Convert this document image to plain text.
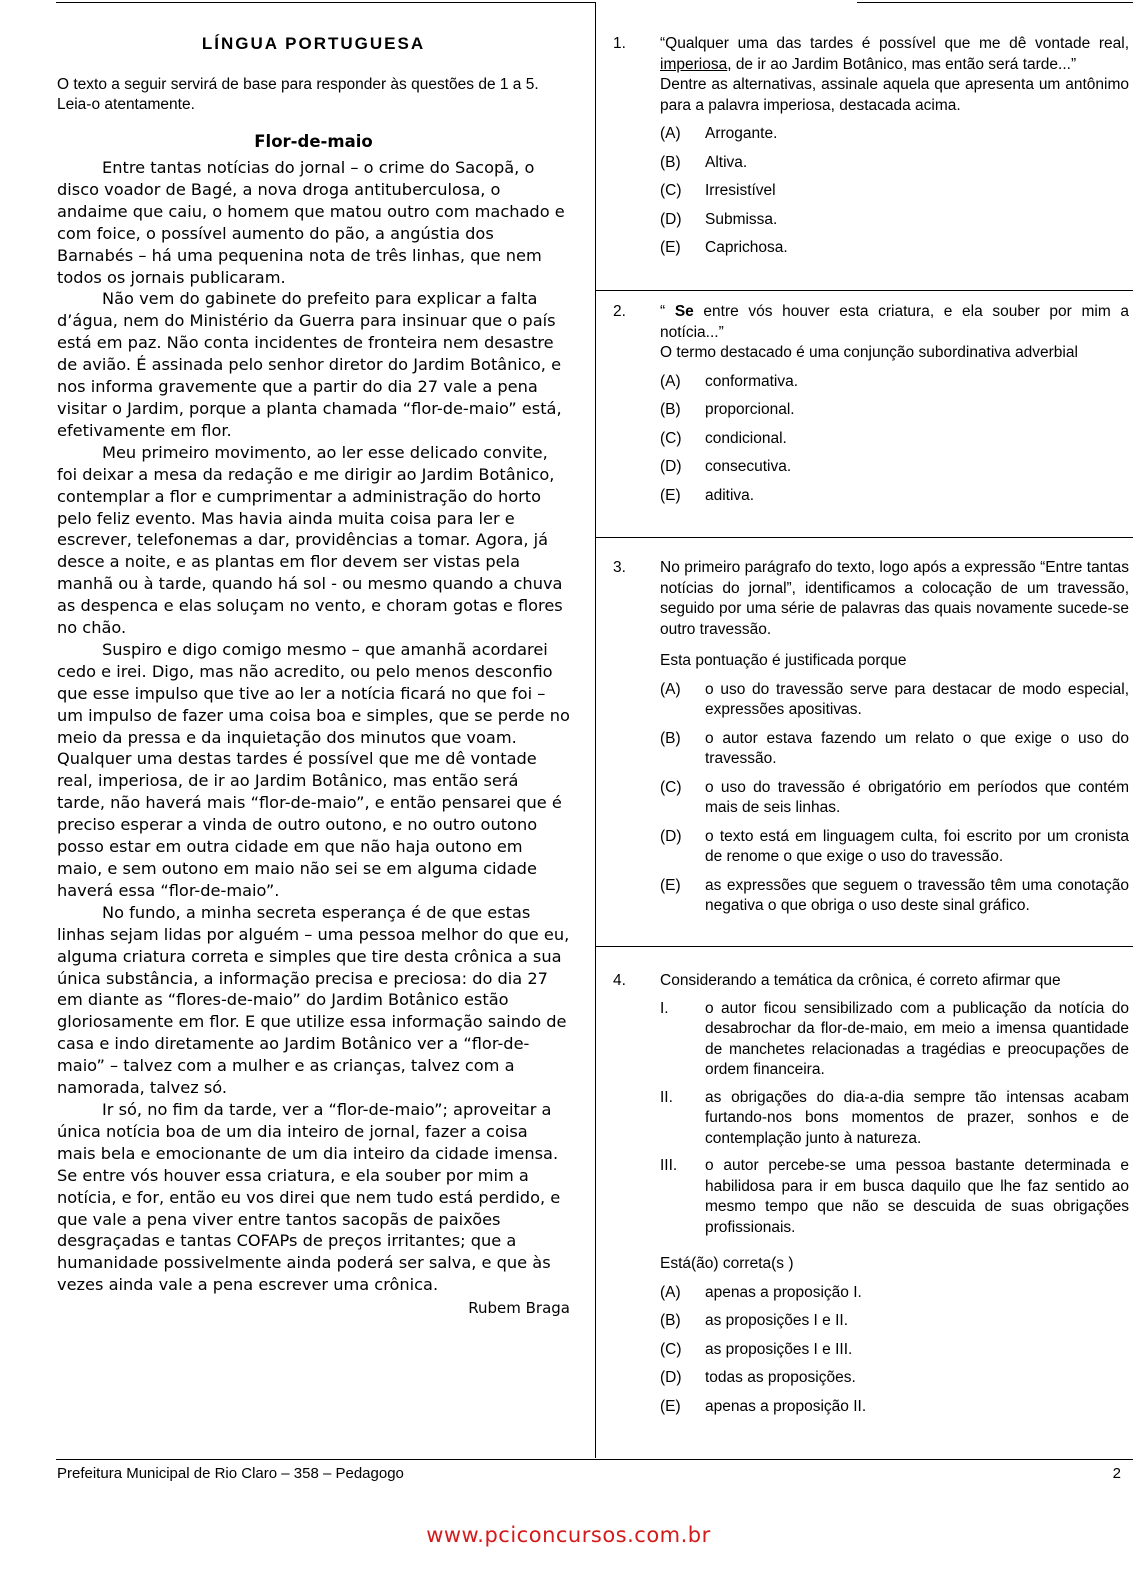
LÍNGUA PORTUGUESA
O texto a seguir servirá de base para responder às questões de 1 a 5. Leia-o atentamente.
Flor-de-maio

Entre tantas notícias do jornal – o crime do Sacopã, o disco voador de Bagé, a nova droga antituberculosa, o andaime que caiu, o homem que matou outro com machado e com foice, o possível aumento do pão, a angústia dos Barnabés – há uma pequenina nota de três linhas, que nem todos os jornais publicaram.

Não vem do gabinete do prefeito para explicar a falta d’água, nem do Ministério da Guerra para insinuar que o país está em paz. Não conta incidentes de fronteira nem desastre de avião. É assinada pelo senhor diretor do Jardim Botânico, e nos informa gravemente que a partir do dia 27 vale a pena visitar o Jardim, porque a planta chamada “flor-de-maio” está, efetivamente em flor.

Meu primeiro movimento, ao ler esse delicado convite, foi deixar a mesa da redação e me dirigir ao Jardim Botânico, contemplar a flor e cumprimentar a administração do horto pelo feliz evento. Mas havia ainda muita coisa para ler e escrever, telefonemas a dar, providências a tomar. Agora, já desce a noite, e as plantas em flor devem ser vistas pela manhã ou à tarde, quando há sol - ou mesmo quando a chuva as despenca e elas soluçam no vento, e choram gotas e flores no chão.

Suspiro e digo comigo mesmo – que amanhã acordarei cedo e irei. Digo, mas não acredito, ou pelo menos desconfio que esse impulso que tive ao ler a notícia ficará no que foi – um impulso de fazer uma coisa boa e simples, que se perde no meio da pressa e da inquietação dos minutos que voam. Qualquer uma destas tardes é possível que me dê vontade real, imperiosa, de ir ao Jardim Botânico, mas então será tarde, não haverá mais “flor-de-maio”, e então pensarei que é preciso esperar a vinda de outro outono, e no outro outono posso estar em outra cidade em que não haja outono em maio, e sem outono em maio não sei se em alguma cidade haverá essa “flor-de-maio”.

No fundo, a minha secreta esperança é de que estas linhas sejam lidas por alguém – uma pessoa melhor do que eu, alguma criatura correta e simples que tire desta crônica a sua única substância, a informação precisa e preciosa: do dia 27 em diante as “flores-de-maio” do Jardim Botânico estão gloriosamente em flor. E que utilize essa informação saindo de casa e indo diretamente ao Jardim Botânico ver a “flor-de-maio” – talvez com a mulher e as crianças, talvez com a namorada, talvez só.

Ir só, no fim da tarde, ver a “flor-de-maio”; aproveitar a única notícia boa de um dia inteiro de jornal, fazer a coisa mais bela e emocionante de um dia inteiro da cidade imensa. Se entre vós houver essa criatura, e ela souber por mim a notícia, e for, então eu vos direi que nem tudo está perdido, e que vale a pena viver entre tantos sacopãs de paixões desgraçadas e tantas COFAPs de preços irritantes; que a humanidade possivelmente ainda poderá ser salva, e que às vezes ainda vale a pena escrever uma crônica.

Rubem Braga
1.	“Qualquer uma das tardes é possível que me dê vontade real, imperiosa, de ir ao Jardim Botânico, mas então será tarde...”

Dentre as alternativas, assinale aquela que apresenta um antônimo para a palavra imperiosa, destacada acima.

(A) Arrogante.
(B) Altiva.
(C) Irresistível
(D) Submissa.
(E) Caprichosa.
2.	“ Se entre vós houver esta criatura, e ela souber por mim a notícia...”

O termo destacado é uma conjunção subordinativa adverbial

(A) conformativa.
(B) proporcional.
(C) condicional.
(D) consecutiva.
(E) aditiva.
3.	No primeiro parágrafo do texto, logo após a expressão “Entre tantas notícias do jornal”, identificamos a colocação de um travessão, seguido por uma série de palavras das quais novamente sucede-se outro travessão.

Esta pontuação é justificada porque

(A) o uso do travessão serve para destacar de modo especial, expressões apositivas.
(B) o autor estava fazendo um relato o que exige o uso do travessão.
(C) o uso do travessão é obrigatório em períodos que contém mais de seis linhas.
(D) o texto está em linguagem culta, foi escrito por um cronista de renome o que exige o uso do travessão.
(E) as expressões que seguem o travessão têm uma conotação negativa o que obriga o uso deste sinal gráfico.
4.	Considerando a temática da crônica, é correto afirmar que

I. o autor ficou sensibilizado com a publicação da notícia do desabrochar da flor-de-maio, em meio a imensa quantidade de manchetes relacionadas a tragédias e preocupações de ordem financeira.
II. as obrigações do dia-a-dia sempre tão intensas acabam furtando-nos bons momentos de prazer, sonhos e de contemplação junto à natureza.
III. o autor percebe-se uma pessoa bastante determinada e habilidosa para ir em busca daquilo que lhe faz sentido ao mesmo tempo que não se descuida de suas obrigações profissionais.

Está(ão) correta(s )

(A) apenas a proposição I.
(B) as proposições I e II.
(C) as proposições I e III.
(D) todas as proposições.
(E) apenas a proposição II.
Prefeitura Municipal de Rio Claro – 358 – Pedagogo	2
www.pciconcursos.com.br
